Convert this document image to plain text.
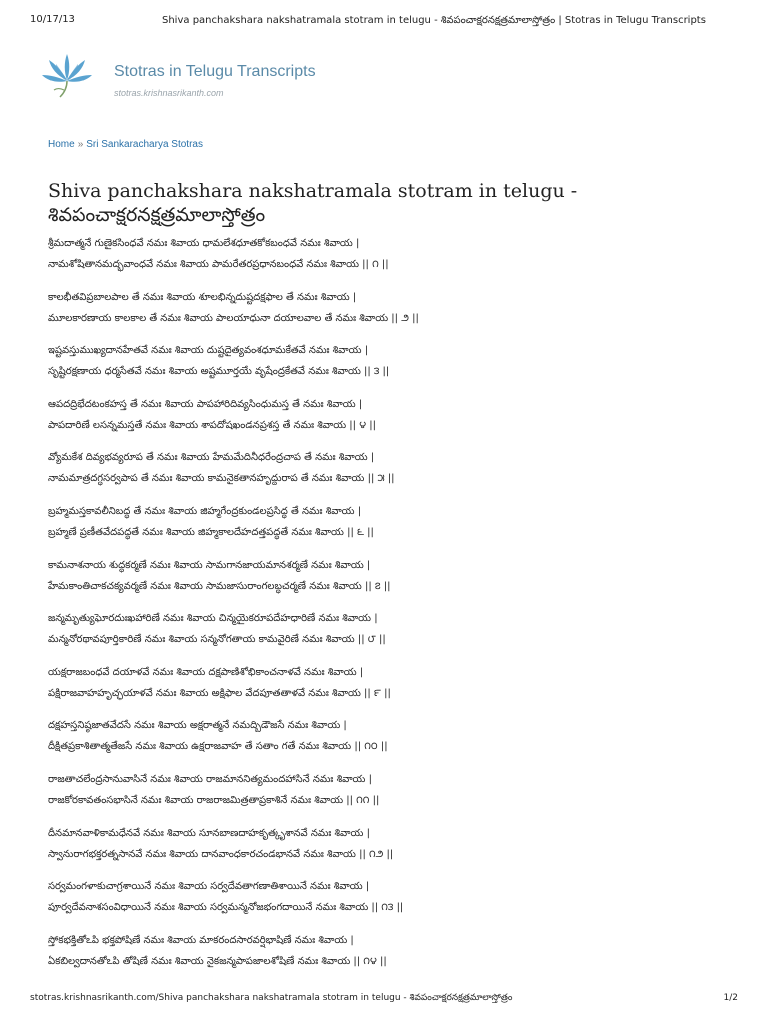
10/17/13	Shiva panchakshara nakshatramala stotram in telugu - శివపంచాక్షరనక్షత్రమాలాస్తోత్రం | Stotras in Telugu Transcripts
Stotras in Telugu Transcripts
stotras.krishnasrikanth.com
Home » Sri Sankaracharya Stotras
Shiva panchakshara nakshatramala stotram in telugu - శివపంచాక్షరనక్షత్రమాలాస్తోత్రం
శ్రీమదాత్మనే గుణైకసింధవే నమః శివాయ ధామలేశధూతకోకబంధవే నమః శివాయ |
నామశోషితానమద్భవాంధవే నమః శివాయ పామరేతరప్రధానబంధవే నమః శివాయ || ౧ ||
కాలభీతవిప్రబాలపాల తే నమః శివాయ శూలభిన్నదుష్టదక్షఫాల తే నమః శివాయ |
మూలకారణాయ కాలకాల తే నమః శివాయ పాలయాధునా దయాలవాల తే నమః శివాయ || ౨ ||
ఇష్టవస్తుముఖ్యదానహేతవే నమః శివాయ దుష్టదైత్యవంశధూమకేతవే నమః శివాయ |
సృష్టిరక్షణాయ ధర్మసేతవే నమః శివాయ అష్టమూర్తయే వృషేంద్రకేతవే నమః శివాయ || ౩ ||
ఆపదద్రిభేదటంకహస్త తే నమః శివాయ పాపహారిదివ్యసింధుమస్త తే నమః శివాయ |
పాపదారిణే లసన్నమస్తతే నమః శివాయ శాపదోషఖండనప్రశస్త తే నమః శివాయ || ౪ ||
వ్యోమకేశ దివ్యభవ్యరూప తే నమః శివాయ హేమమేదినీధరేంద్రచాప తే నమః శివాయ |
నామమాత్రదగ్ధసర్వపాప తే నమః శివాయ కామనైకతానహృద్దురాప తే నమః శివాయ || ౫ ||
బ్రహ్మమస్తకావలీనిబద్ధ తే నమః శివాయ జిహ్మగేంద్రకుండలప్రసిద్ధ తే నమః శివాయ |
బ్రహ్మణే ప్రణీతవేదపద్ధతే నమః శివాయ జిహ్మకాలదేహదత్తపద్ధతే నమః శివాయ || ౬ ||
కామనాశనాయ శుద్ధకర్మణే నమః శివాయ సామగానజాయమానశర్మణే నమః శివాయ |
హేమకాంతిచాకచక్యవర్మణే నమః శివాయ సామజాసురాంగలబ్ధచర్మణే నమః శివాయ || ౭ ||
జన్మమృత్యుఘోరదుఃఖహారిణే నమః శివాయ చిన్మయైకరూపదేహధారిణే నమః శివాయ |
మన్మనోరథావపూర్తికారిణే నమః శివాయ సన్మనోగతాయ కామవైరిణే నమః శివాయ || ౮ ||
యక్షరాజబంధవే దయాళవే నమః శివాయ దక్షపాణిశోభికాంచనాళవే నమః శివాయ |
పక్షిరాజవాహహృచ్ఛయాళవే నమః శివాయ అక్షిఫాల వేదపూతతాళవే నమః శివాయ || ౯ ||
దక్షహస్తనిష్ఠజాతవేదసే నమః శివాయ అక్షరాత్మనే నమద్బిడౌజసే నమః శివాయ |
దీక్షితప్రకాశితాత్మతేజసే నమః శివాయ ఉక్షరాజవాహ తే సతాం గతే నమః శివాయ || ౧౦ ||
రాజతాచలేంద్రసానువాసినే నమః శివాయ రాజమాననిత్యమందహాసినే నమః శివాయ |
రాజకోరకావతంసభాసినే నమః శివాయ రాజరాజమిత్రతాప్రకాశినే నమః శివాయ || ౧౧ ||
దీనమానవాళికామధేనవే నమః శివాయ సూనబాణదాహకృత్కృశానవే నమః శివాయ |
స్వానురాగభక్తరత్నసానవే నమః శివాయ దానవాంధకారచండభానవే నమః శివాయ || ౧౨ ||
సర్వమంగళాకుచాగ్రశాయినే నమః శివాయ సర్వదేవతాగణాతిశాయినే నమః శివాయ |
పూర్వదేవనాశసంవిధాయినే నమః శివాయ సర్వమన్మనోజభంగదాయినే నమః శివాయ || ౧౩ ||
స్తోకభక్తితోఽపి భక్తపోషిణే నమః శివాయ మాకరందసారవర్షిభాషిణే నమః శివాయ |
ఏకబిల్వదానతోఽపి తోషిణే నమః శివాయ నైకజన్మపాపజాలశోషిణే నమః శివాయ || ౧౪ ||
stotras.krishnasrikanth.com/Shiva panchakshara nakshatramala stotram in telugu - శివపంచాక్షరనక్షత్రమాలాస్తోత్రం	1/2
